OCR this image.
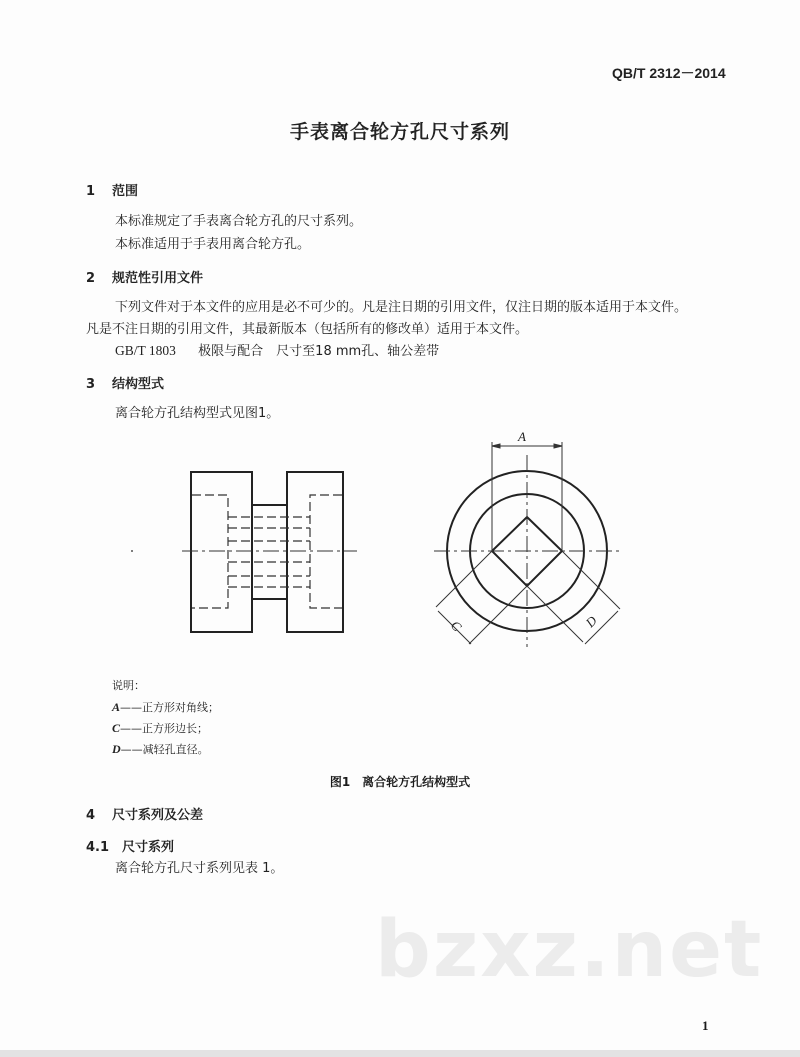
QB/T 2312－2014
手表离合轮方孔尺寸系列
1 范围
本标准规定了手表离合轮方孔的尺寸系列。
本标准适用于手表用离合轮方孔。
2 规范性引用文件
下列文件对于本文件的应用是必不可少的。凡是注日期的引用文件，仅注日期的版本适用于本文件。
凡是不注日期的引用文件，其最新版本（包括所有的修改单）适用于本文件。
GB/T 1803 极限与配合　尺寸至18 mm孔、轴公差带
3 结构型式
离合轮方孔结构型式见图1。
A
C	D
说明：
A——正方形对角线；
C——正方形边长；
D——减轻孔直径。
图1　离合轮方孔结构型式
4 尺寸系列及公差
4.1 尺寸系列
离合轮方孔尺寸系列见表 1。
bzxz.net
1
